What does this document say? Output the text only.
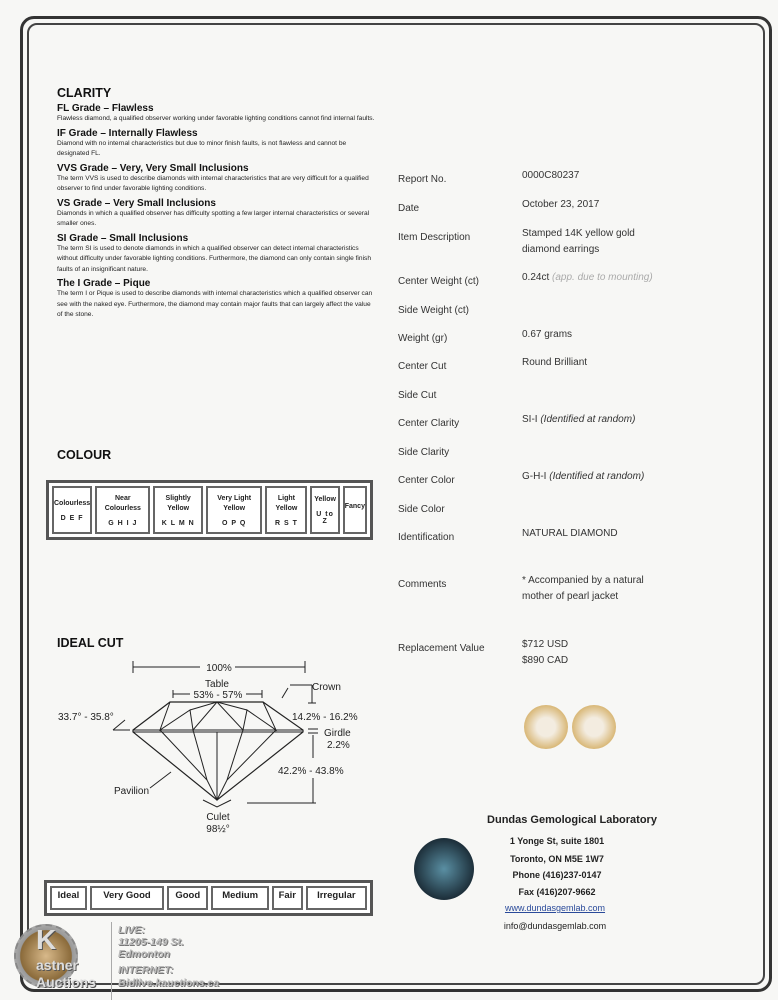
CLARITY
FL Grade – Flawless
Flawless diamond, a qualified observer working under favorable lighting conditions cannot find internal faults.
IF Grade – Internally Flawless
Diamond with no internal characteristics but due to minor finish faults, is not flawless and cannot be designated FL.
VVS Grade – Very, Very Small Inclusions
The term VVS is used to describe diamonds with internal characteristics that are very difficult for a qualified observer to find under favorable lighting conditions.
VS Grade – Very Small Inclusions
Diamonds in which a qualified observer has difficulty spotting a few larger internal characteristics or several smaller ones.
SI Grade – Small Inclusions
The term SI is used to denote diamonds in which a qualified observer can detect internal characteristics without difficulty under favorable lighting conditions. Furthermore, the diamond can only contain single finish faults of an insignificant nature.
The I Grade – Pique
The term I or Pique is used to describe diamonds with internal characteristics which a qualified observer can see with the naked eye. Furthermore, the diamond may contain major faults that can largely affect the value of the stone.
COLOUR
Colourless
D E F

Near Colourless
G H I J

Slightly Yellow
K L M N

Very Light Yellow
O P Q

Light Yellow
R S T

Yellow
U to Z

Fancy
IDEAL CUT
100%
Table
53% - 57%
Crown
33.7° - 35.8°	14.2% - 16.2%
Girdle
2.2%
42.2% - 43.8%
Pavilion
Culet
98½°
Ideal	Very Good	Good	Medium	Fair	Irregular
Report No.	0000C80237
Date	October 23, 2017
Item Description	Stamped 14K yellow gold
diamond earrings
Center Weight (ct)	0.24ct (app. due to mounting)
Side Weight (ct)
Weight (gr)	0.67 grams
Center Cut	Round Brilliant
Side Cut
Center Clarity	SI-I (Identified at random)
Side Clarity
Center Color	G-H-I (Identified at random)
Side Color
Identification	NATURAL DIAMOND
Comments	* Accompanied by a natural
mother of pearl jacket
Replacement Value	$712 USD
$890 CAD
Dundas Gemological Laboratory
1 Yonge St, suite 1801
Toronto, ON M5E 1W7
Phone (416)237-0147
Fax (416)207-9662
www.dundasgemlab.com
info@dundasgemlab.com
K
astner
Auctions
LIVE:
11205-149 St.
Edmonton
INTERNET:
Bidlive.kauctions.ca
